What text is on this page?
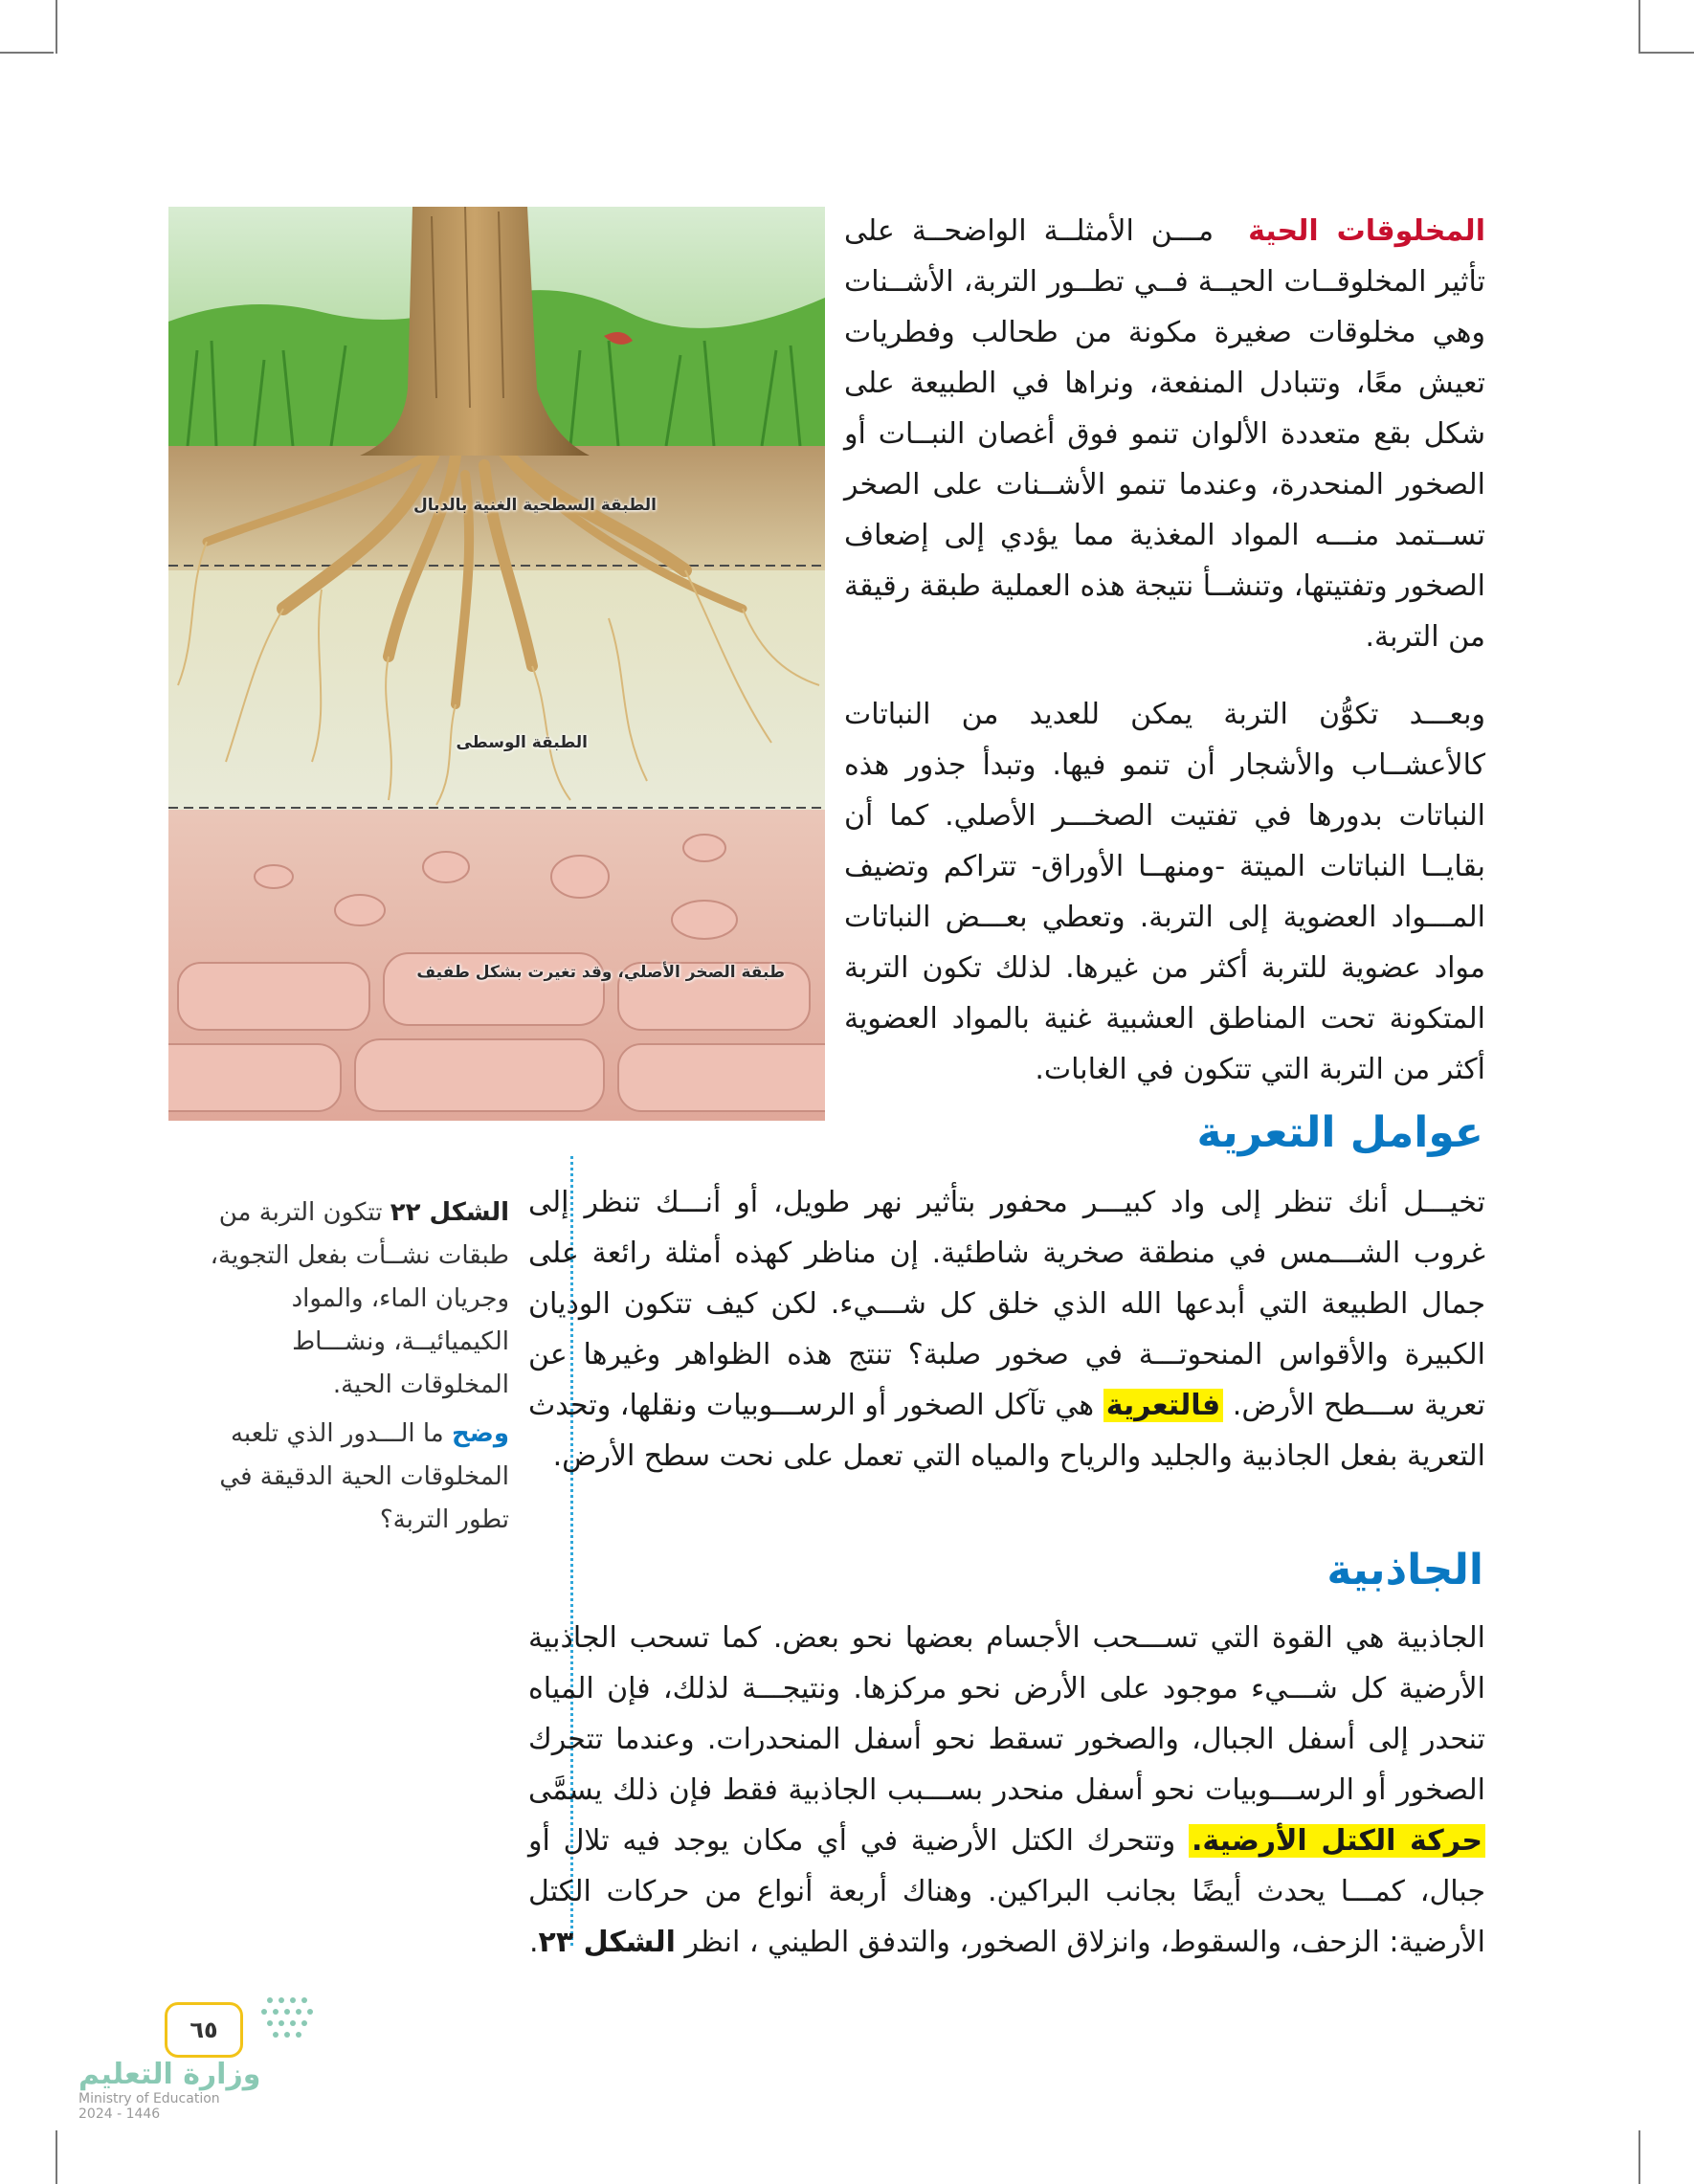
المخلوقات الحية مـــن الأمثلــة الواضحــة على تأثير المخلوقــات الحيــة فــي تطــور التربة، الأشــنات وهي مخلوقات صغيرة مكونة من طحالب وفطريات تعيش معًا، وتتبادل المنفعة، ونراها في الطبيعة على شكل بقع متعددة الألوان تنمو فوق أغصان النبــات أو الصخور المنحدرة، وعندما تنمو الأشــنات على الصخر تســتمد منـــه المواد المغذية مما يؤدي إلى إضعاف الصخور وتفتيتها، وتنشــأ نتيجة هذه العملية طبقة رقيقة من التربة.
وبعـــد تكوُّن التربة يمكن للعديد من النباتات كالأعشــاب والأشجار أن تنمو فيها. وتبدأ جذور هذه النباتات بدورها في تفتيت الصخـــر الأصلي. كما أن بقايــا النباتات الميتة -ومنهــا الأوراق- تتراكم وتضيف المـــواد العضوية إلى التربة. وتعطي بعـــض النباتات مواد عضوية للتربة أكثر من غيرها. لذلك تكون التربة المتكونة تحت المناطق العشبية غنية بالمواد العضوية أكثر من التربة التي تتكون في الغابات.
الطبقة السطحية الغنية بالدبال
الطبقة الوسطى
طبقة الصخر الأصلي، وقد تغيرت بشكل طفيف
الشكل ٢٢ تتكون التربة من طبقات نشــأت بفعل التجوية، وجريان الماء، والمواد الكيميائيــة، ونشـــاط المخلوقات الحية.
وضح ما الـــدور الذي تلعبه المخلوقات الحية الدقيقة في تطور التربة؟
عوامل التعرية
تخيـــل أنك تنظر إلى واد كبيـــر محفور بتأثير نهر طويل، أو أنـــك تنظر إلى غروب الشـــمس في منطقة صخرية شاطئية. إن مناظر كهذه أمثلة رائعة على جمال الطبيعة التي أبدعها الله الذي خلق كل شـــيء. لكن كيف تتكون الوديان الكبيرة والأقواس المنحوتـــة في صخور صلبة؟ تنتج هذه الظواهر وغيرها عن تعرية ســـطح الأرض. فالتعرية هي تآكل الصخور أو الرســـوبيات ونقلها، وتحدث التعرية بفعل الجاذبية والجليد والرياح والمياه التي تعمل على نحت سطح الأرض.
الجاذبية
الجاذبية هي القوة التي تســـحب الأجسام بعضها نحو بعض. كما تسحب الجاذبية الأرضية كل شـــيء موجود على الأرض نحو مركزها. ونتيجـــة لذلك، فإن المياه تنحدر إلى أسفل الجبال، والصخور تسقط نحو أسفل المنحدرات. وعندما تتحرك الصخور أو الرســـوبيات نحو أسفل منحدر بســـبب الجاذبية فقط فإن ذلك يسمَّى حركة الكتل الأرضية. وتتحرك الكتل الأرضية في أي مكان يوجد فيه تلال أو جبال، كمـــا يحدث أيضًا بجانب البراكين. وهناك أربعة أنواع من حركات الكتل الأرضية: الزحف، والسقوط، وانزلاق الصخور، والتدفق الطيني ، انظر الشكل ٢٣.
٦٥
وزارة التعليم
Ministry of Education
2024 - 1446
